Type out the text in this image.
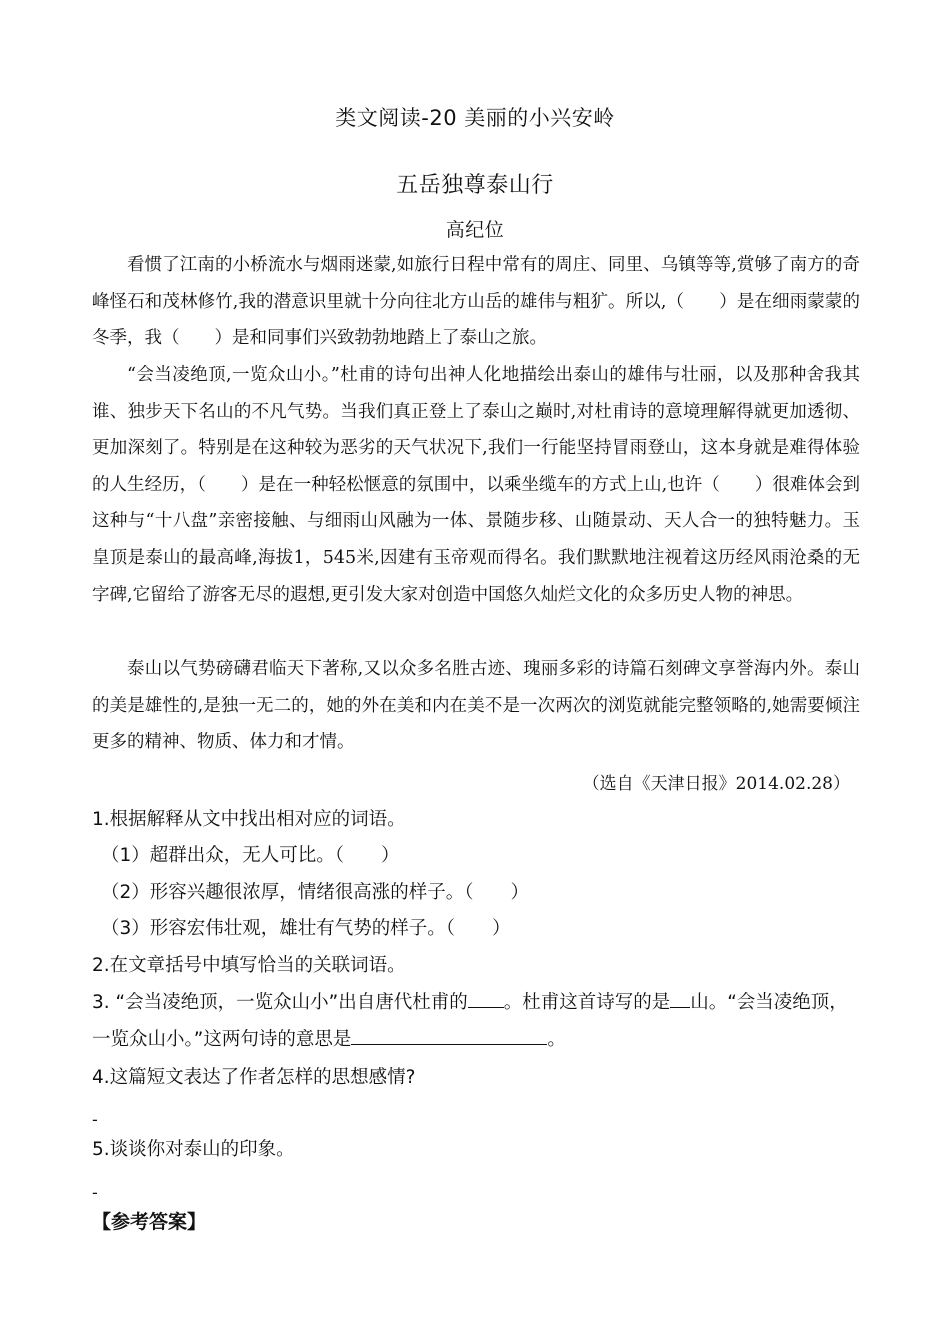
类文阅读-20 美丽的小兴安岭
五岳独尊泰山行
高纪位

看惯了江南的小桥流水与烟雨迷蒙,如旅行日程中常有的周庄、同里、乌镇等等,赏够了南方的奇峰怪石和茂林修竹,我的潜意识里就十分向往北方山岳的雄伟与粗犷。所以,（　　）是在细雨蒙蒙的冬季，我（　　）是和同事们兴致勃勃地踏上了泰山之旅。

“会当凌绝顶,一览众山小。”杜甫的诗句出神人化地描绘出泰山的雄伟与壮丽，以及那种舍我其谁、独步天下名山的不凡气势。当我们真正登上了泰山之巅时,对杜甫诗的意境理解得就更加透彻、更加深刻了。特别是在这种较为恶劣的天气状况下,我们一行能坚持冒雨登山，这本身就是难得体验的人生经历，（　　）是在一种轻松惬意的氛围中，以乘坐缆车的方式上山,也许（　　）很难体会到这种与“十八盘”亲密接触、与细雨山风融为一体、景随步移、山随景动、天人合一的独特魅力。玉皇顶是泰山的最高峰,海拔1，545米,因建有玉帝观而得名。我们默默地注视着这历经风雨沧桑的无字碑,它留给了游客无尽的遐想,更引发大家对创造中国悠久灿烂文化的众多历史人物的神思。

泰山以气势磅礴君临天下著称,又以众多名胜古迹、瑰丽多彩的诗篇石刻碑文享誉海内外。泰山的美是雄性的,是独一无二的，她的外在美和内在美不是一次两次的浏览就能完整领略的,她需要倾注更多的精神、物质、体力和才情。

（选自《天津日报》2014.02.28）
1.根据解释从文中找出相对应的词语。
（1）超群出众，无人可比。（　　）
（2）形容兴趣很浓厚，情绪很高涨的样子。（　　）
（3）形容宏伟壮观，雄壮有气势的样子。（　　）
2.在文章括号中填写恰当的关联词语。
3. “会当凌绝顶，一览众山小”出自唐代杜甫的 。杜甫这首诗写的是 山。“会当凌绝顶，
一览众山小。”这两句诗的意思是	。
4.这篇短文表达了作者怎样的思想感情?
-
5.谈谈你对泰山的印象。
-
【参考答案】
